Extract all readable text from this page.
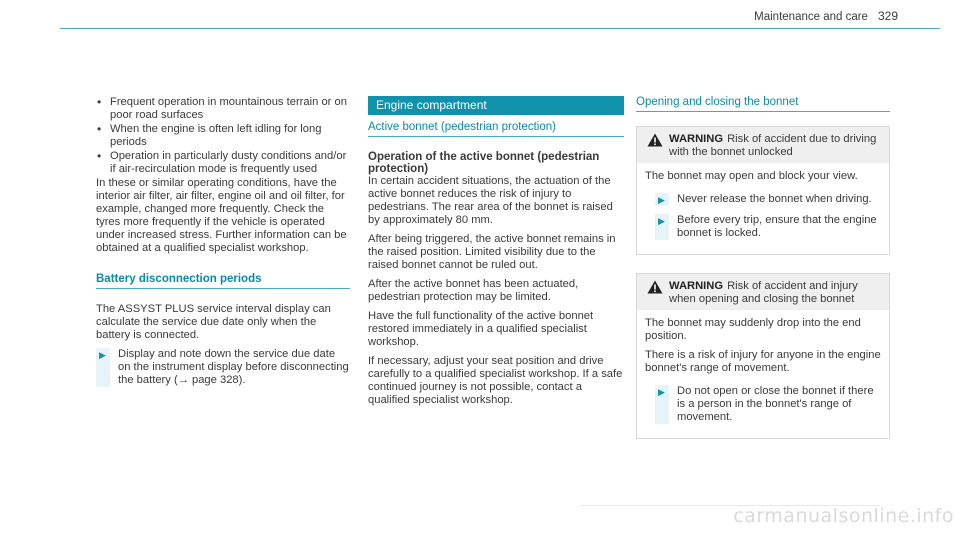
Maintenance and care 329
• Frequent operation in mountainous terrain or on poor road surfaces
• When the engine is often left idling for long periods
• Operation in particularly dusty conditions and/or if air-recirculation mode is frequently used

In these or similar operating conditions, have the interior air filter, air filter, engine oil and oil filter, for example, changed more frequently. Check the tyres more frequently if the vehicle is operated under increased stress. Further information can be obtained at a qualified specialist workshop.

Battery disconnection periods

The ASSYST PLUS service interval display can calculate the service due date only when the battery is connected.

▶ Display and note down the service due date on the instrument display before disconnecting the battery (→ page 328).
Engine compartment
Active bonnet (pedestrian protection)
Operation of the active bonnet (pedestrian protection)

In certain accident situations, the actuation of the active bonnet reduces the risk of injury to pedestrians. The rear area of the bonnet is raised by approximately 80 mm.

After being triggered, the active bonnet remains in the raised position. Limited visibility due to the raised bonnet cannot be ruled out.

After the active bonnet has been actuated, pedestrian protection may be limited.

Have the full functionality of the active bonnet restored immediately in a qualified specialist workshop.

If necessary, adjust your seat position and drive carefully to a qualified specialist workshop. If a safe continued journey is not possible, contact a qualified specialist workshop.

Opening and closing the bonnet
WARNING Risk of accident due to driving with the bonnet unlocked

The bonnet may open and block your view.

▶ Never release the bonnet when driving.
▶ Before every trip, ensure that the engine bonnet is locked.
WARNING Risk of accident and injury when opening and closing the bonnet

The bonnet may suddenly drop into the end position.

There is a risk of injury for anyone in the engine bonnet's range of movement.

▶ Do not open or close the bonnet if there is a person in the bonnet's range of movement.
carmanualsonline.info
